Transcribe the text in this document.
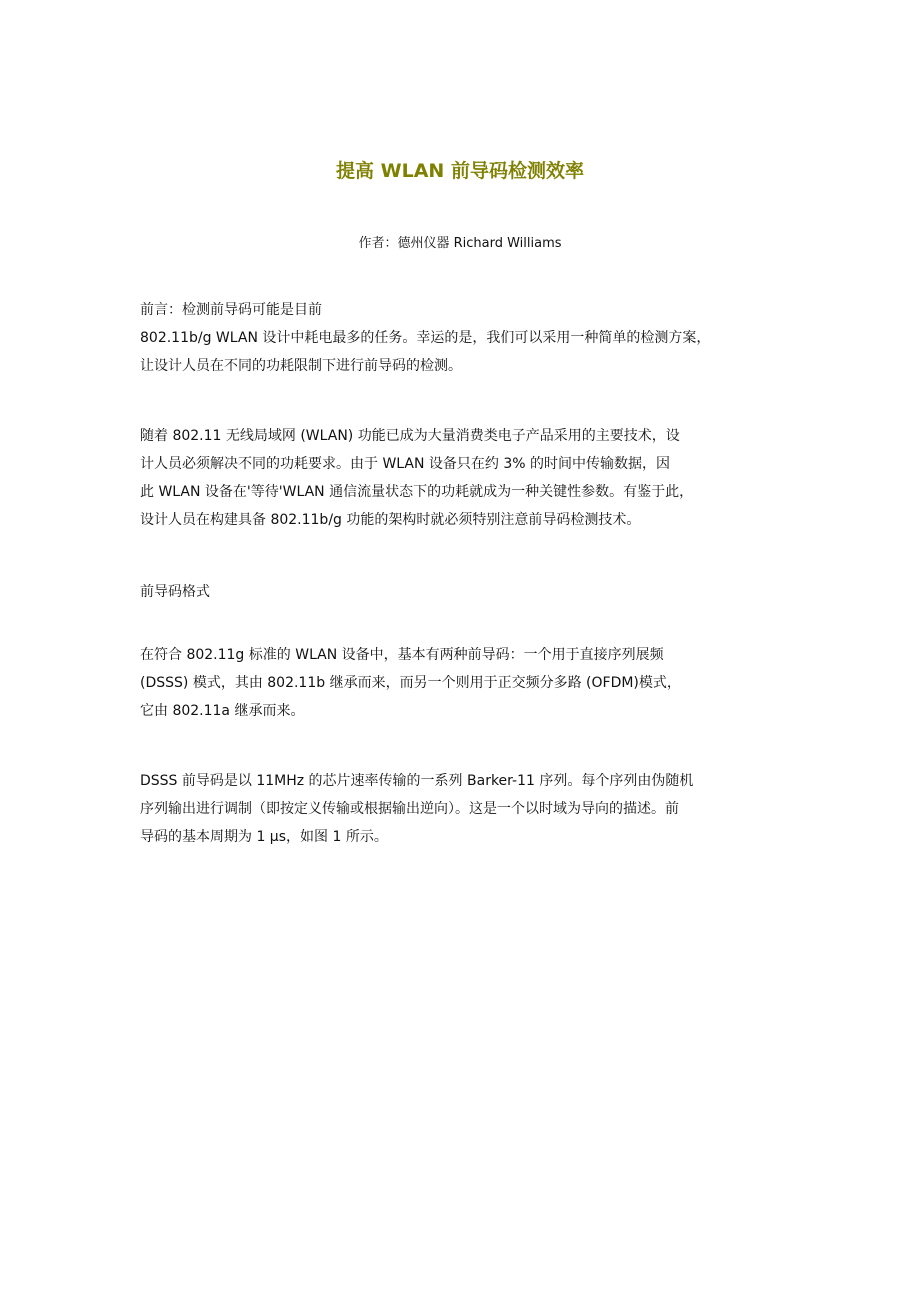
提高 WLAN 前导码检测效率
作者：德州仪器 Richard Williams
前言：检测前导码可能是目前
802.11b/g WLAN 设计中耗电最多的任务。幸运的是，我们可以采用一种简单的检测方案，
让设计人员在不同的功耗限制下进行前导码的检测。
随着 802.11 无线局域网 (WLAN) 功能已成为大量消费类电子产品采用的主要技术，设
计人员必须解决不同的功耗要求。由于 WLAN 设备只在约 3% 的时间中传输数据，因
此 WLAN 设备在'等待'WLAN 通信流量状态下的功耗就成为一种关键性参数。有鉴于此，
设计人员在构建具备 802.11b/g 功能的架构时就必须特别注意前导码检测技术。
前导码格式
在符合 802.11g 标准的 WLAN 设备中，基本有两种前导码：一个用于直接序列展频
(DSSS) 模式，其由 802.11b 继承而来，而另一个则用于正交频分多路 (OFDM)模式，
它由 802.11a 继承而来。
DSSS 前导码是以 11MHz 的芯片速率传输的一系列 Barker-11 序列。每个序列由伪随机
序列输出进行调制（即按定义传输或根据输出逆向）。这是一个以时域为导向的描述。前
导码的基本周期为 1 μs，如图 1 所示。
